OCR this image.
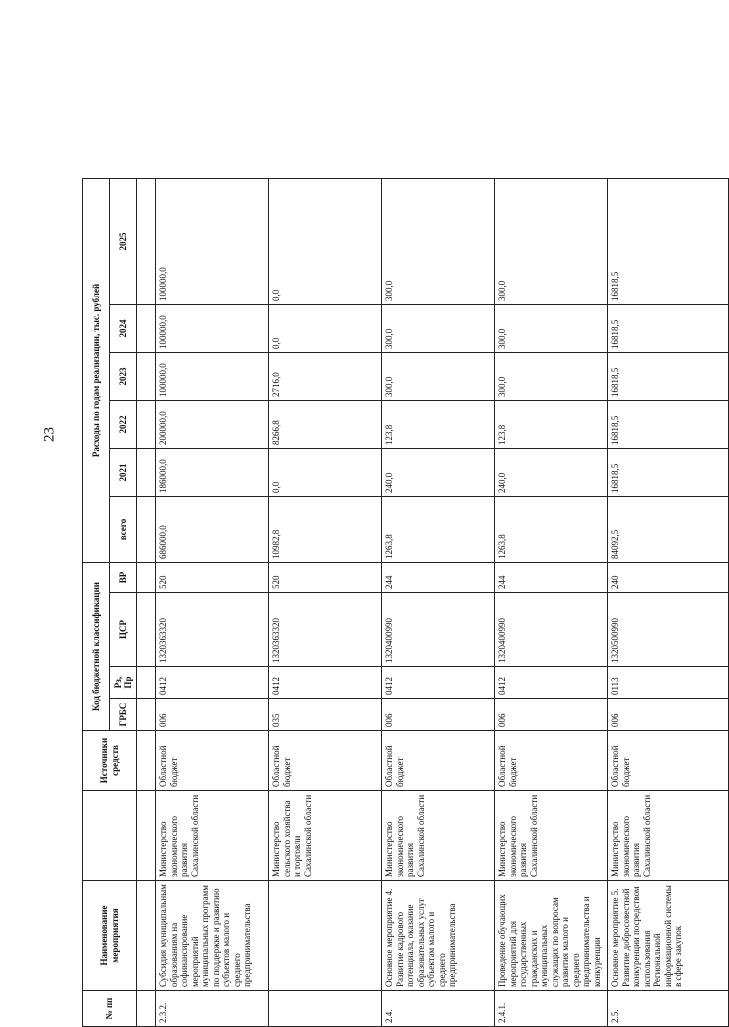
23
№ пп	Наименование мероприятия		Источники средств	Код бюджетной классификации				Расходы по годам реализации, тыс. рублей					
				ГРБС	Рз, Пр	ЦСР	ВР	всего	2021	2022	2023	2024	2025

2.3.2.	Субсидия муниципальным образованиям на софинансирование мероприятий муниципальных программ по поддержке и развитию субъектов малого и среднего предпринимательства	Министерство экономического развития Сахалинской области	Областной бюджет	006	0412	1320363320	520	686000,0	186000,0	200000,0	100000,0	100000,0	100000,0
		Министерство сельского хозяйства и торговли Сахалинской области	Областной бюджет	035	0412	1320363320	520	10982,8	0,0	8266,8	2716,0	0,0	0,0
2.4.	Основное мероприятие 4. Развитие кадрового потенциала, оказание образовательных услуг субъектам малого и среднего предпринимательства	Министерство экономического развития Сахалинской области	Областной бюджет	006	0412	1320400990	244	1263,8	240,0	123,8	300,0	300,0	300,0
2.4.1.	Проведение обучающих мероприятий для государственных гражданских и муниципальных служащих по вопросам развития малого и среднего предпринимательства и конкуренции	Министерство экономического развития Сахалинской области	Областной бюджет	006	0412	1320400990	244	1263,8	240,0	123,8	300,0	300,0	300,0
2.5.	Основное мероприятие 5. Развитие добросовестной конкуренции посредством использования Региональной информационной системы в сфере закупок	Министерство экономического развития Сахалинской области	Областной бюджет	006	0113	1320500990	240	84092,5	16818,5	16818,5	16818,5	16818,5	16818,5
